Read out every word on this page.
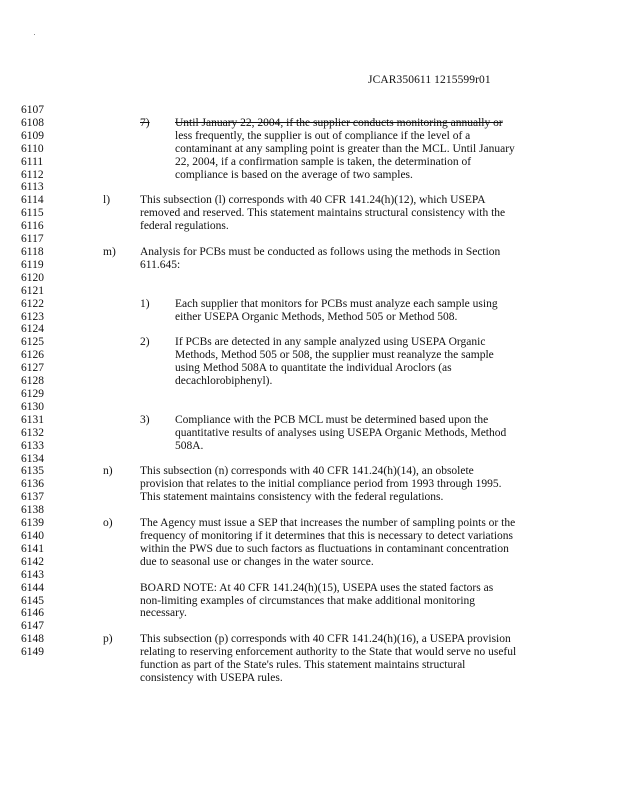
JCAR350611 1215599r01
6107
6108
6109
6110
6111
6112
6113
6114
6115
6116
6117
6118
6119
6120
6121
6122
6123
6124
6125
6126
6127
6128
6129
6130
6131
6132
6133
6134
6135
6136
6137
6138
6139
6140
6141
6142
6143
6144
6145
6146
6147
6148
6149
7) Until January 22, 2004, if the supplier conducts monitoring annually or
less frequently, the supplier is out of compliance if the level of a
contaminant at any sampling point is greater than the MCL. Until January
22, 2004, if a confirmation sample is taken, the determination of
compliance is based on the average of two samples.
l)	This subsection (l) corresponds with 40 CFR 141.24(h)(12), which USEPA
removed and reserved. This statement maintains structural consistency with the
federal regulations.
m) Analysis for PCBs must be conducted as follows using the methods in Section
611.645:
1) Each supplier that monitors for PCBs must analyze each sample using
either USEPA Organic Methods, Method 505 or Method 508.
2) If PCBs are detected in any sample analyzed using USEPA Organic
Methods, Method 505 or 508, the supplier must reanalyze the sample
using Method 508A to quantitate the individual Aroclors (as
decachlorobiphenyl).
3) Compliance with the PCB MCL must be determined based upon the
quantitative results of analyses using USEPA Organic Methods, Method
508A.
n) This subsection (n) corresponds with 40 CFR 141.24(h)(14), an obsolete
provision that relates to the initial compliance period from 1993 through 1995.
This statement maintains consistency with the federal regulations.
o) The Agency must issue a SEP that increases the number of sampling points or the
frequency of monitoring if it determines that this is necessary to detect variations
within the PWS due to such factors as fluctuations in contaminant concentration
due to seasonal use or changes in the water source.
BOARD NOTE: At 40 CFR 141.24(h)(15), USEPA uses the stated factors as
non-limiting examples of circumstances that make additional monitoring
necessary.
p) This subsection (p) corresponds with 40 CFR 141.24(h)(16), a USEPA provision
relating to reserving enforcement authority to the State that would serve no useful
function as part of the State's rules. This statement maintains structural
consistency with USEPA rules.
